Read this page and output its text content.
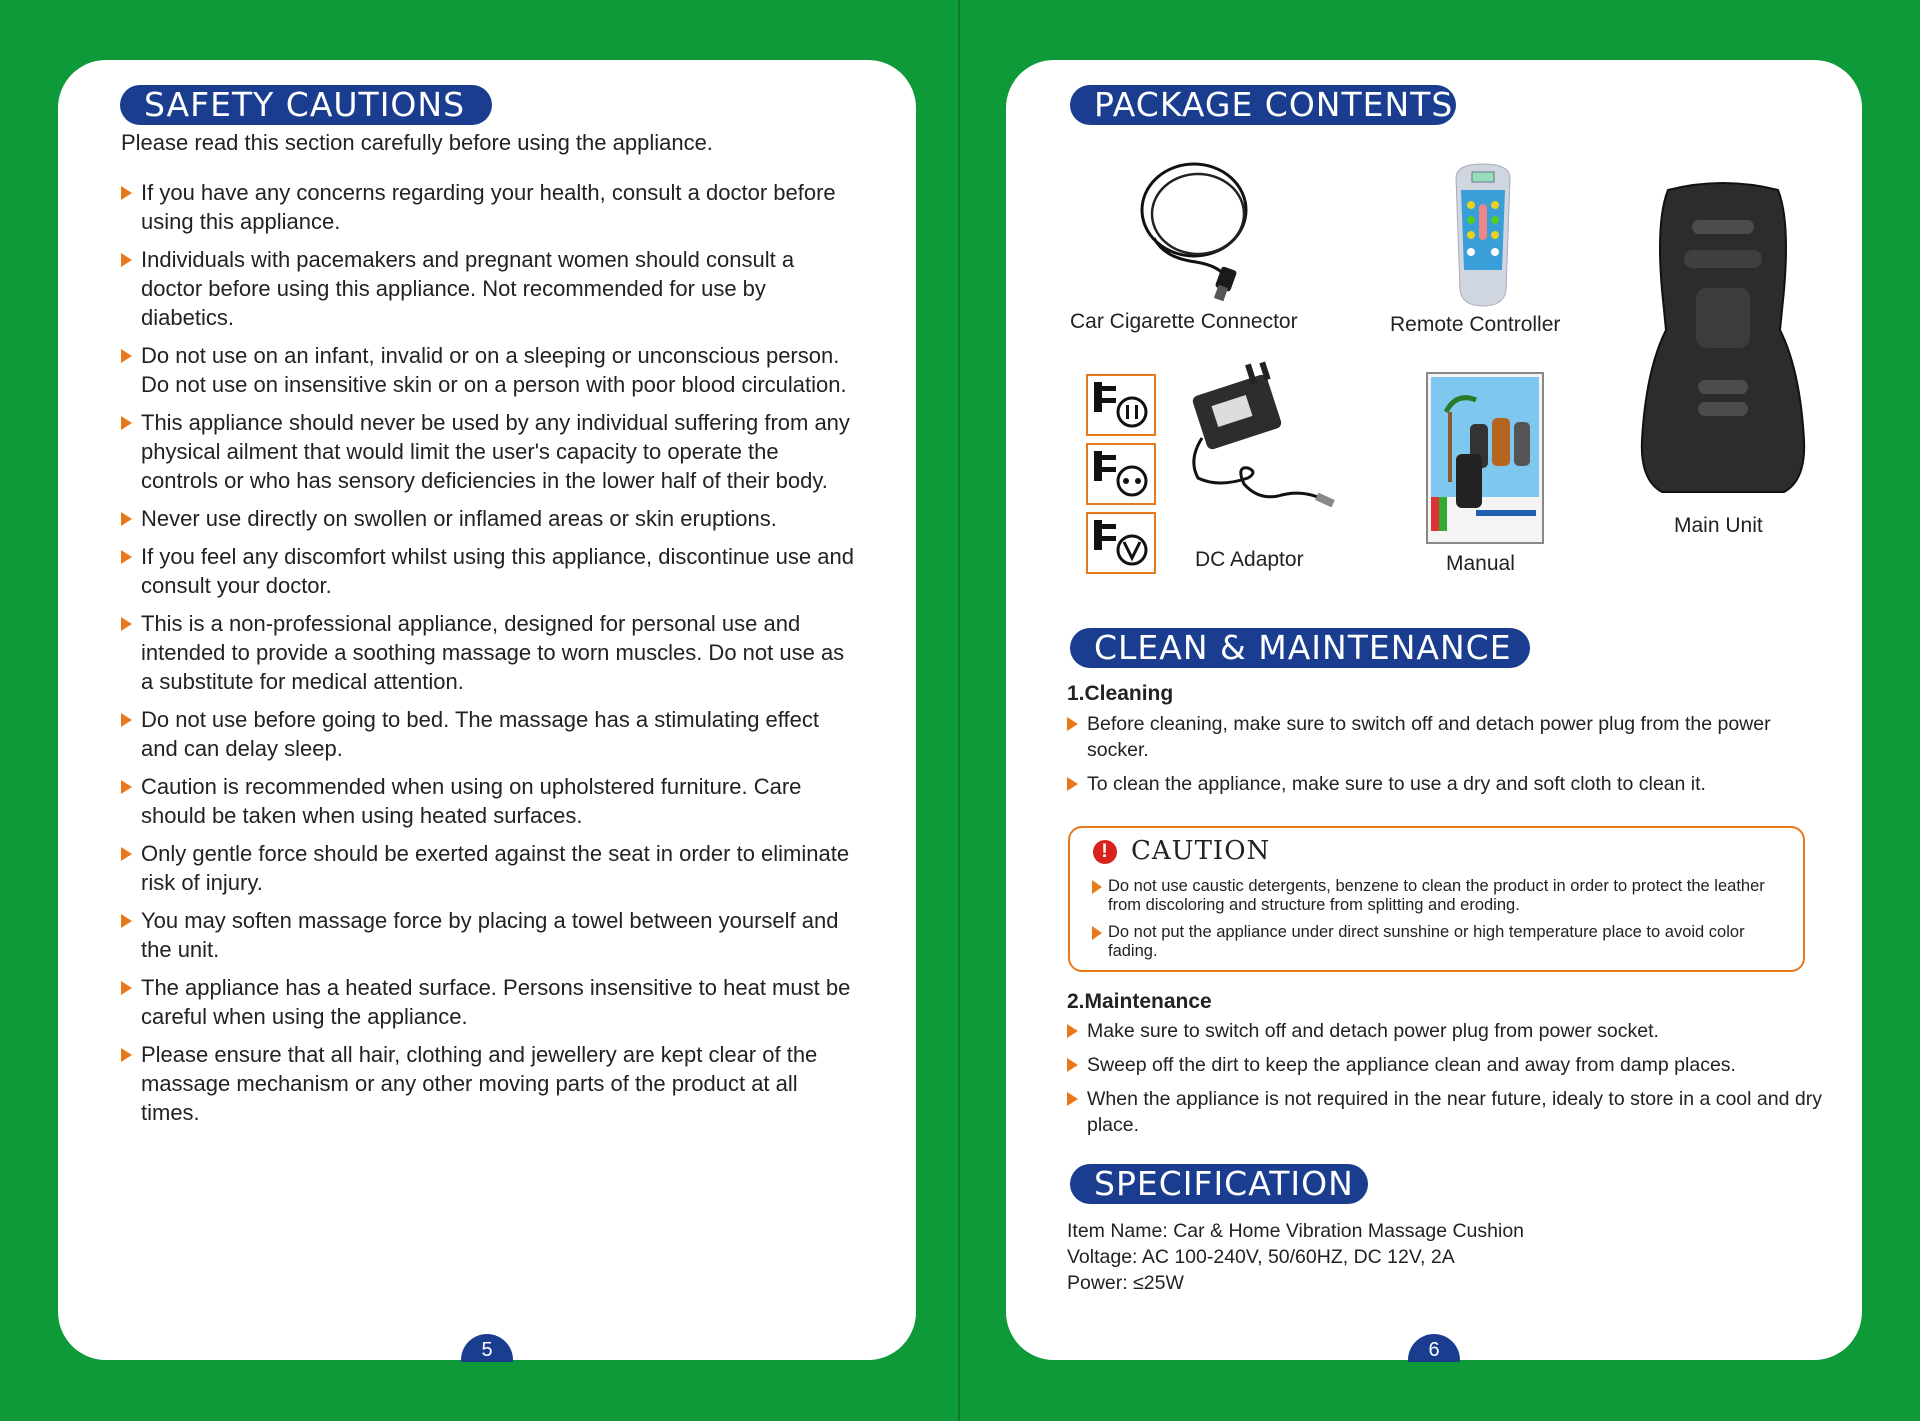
SAFETY CAUTIONS
Please read this section carefully before using the appliance.
If you have any concerns regarding your health, consult a doctor before using this appliance.
Individuals with pacemakers and pregnant women should consult a doctor before using this appliance. Not recommended for use by diabetics.
Do not use on an infant, invalid or on a sleeping or unconscious person. Do not use on insensitive skin or on a person with poor blood circulation.
This appliance should never be used by any individual suffering from any physical ailment that would limit the user's capacity to operate the controls or who has sensory deficiencies in the lower half of their body.
Never use directly on swollen or inflamed areas or skin eruptions.
If you feel any discomfort whilst using this appliance, discontinue use and consult your doctor.
This is a non-professional appliance, designed for personal use and intended to provide a soothing massage to worn muscles. Do not use as a substitute for medical attention.
Do not use before going to bed. The massage has a stimulating effect and can delay sleep.
Caution is recommended when using on upholstered furniture. Care should be taken when using heated surfaces.
Only gentle force should be exerted against the seat in order to eliminate risk of injury.
You may soften massage force by placing a towel between yourself and the unit.
The appliance has a heated surface. Persons insensitive to heat must be careful when using the appliance.
Please ensure that all hair, clothing and jewellery are kept clear of the massage mechanism or any other moving parts of the product at all times.
5
PACKAGE CONTENTS
Car Cigarette Connector	Remote Controller
Main Unit
DC Adaptor	Manual
CLEAN & MAINTENANCE
1.Cleaning
Before cleaning, make sure to switch off and detach power plug from the power socker.
To clean the appliance, make sure to use a dry and soft cloth to clean it.
! CAUTION
Do not use caustic detergents, benzene to clean the product in order to protect the leather from discoloring and structure from splitting and eroding.
Do not put the appliance under direct sunshine or high temperature place to avoid color fading.
2.Maintenance
Make sure to switch off and detach power plug from power socket.
Sweep off the dirt to keep the appliance clean and away from damp places.
When the appliance is not required in the near future, idealy to store in a cool and dry place.
SPECIFICATION
Item Name: Car & Home Vibration Massage Cushion
Voltage: AC 100-240V, 50/60HZ, DC 12V, 2A
Power: ≤25W
6
